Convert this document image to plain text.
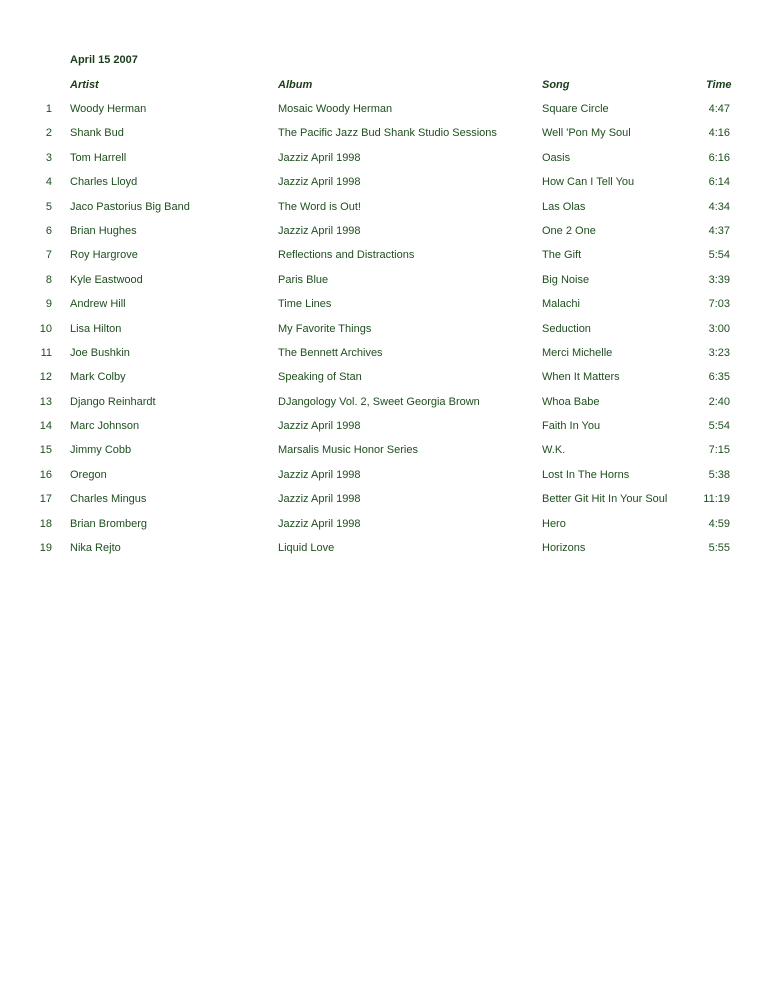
April 15 2007
Artist	Album	Song	Time
1 Woody Herman	Mosaic Woody Herman	Square Circle	4:47
2 Shank Bud	The Pacific Jazz Bud Shank Studio Sessions	Well 'Pon My Soul	4:16
3 Tom Harrell	Jazziz April 1998	Oasis	6:16
4 Charles Lloyd	Jazziz April 1998	How Can I Tell You	6:14
5 Jaco Pastorius Big Band	The Word is Out!	Las Olas	4:34
6 Brian Hughes	Jazziz April 1998	One 2 One	4:37
7 Roy Hargrove	Reflections and Distractions	The Gift	5:54
8 Kyle Eastwood	Paris Blue	Big Noise	3:39
9 Andrew Hill	Time Lines	Malachi	7:03
10 Lisa Hilton	My Favorite Things	Seduction	3:00
11 Joe Bushkin	The Bennett Archives	Merci Michelle	3:23
12 Mark Colby	Speaking of Stan	When It Matters	6:35
13 Django Reinhardt	DJangology Vol. 2, Sweet Georgia Brown	Whoa Babe	2:40
14 Marc Johnson	Jazziz April 1998	Faith In You	5:54
15 Jimmy Cobb	Marsalis Music Honor Series	W.K.	7:15
16 Oregon	Jazziz April 1998	Lost In The Horns	5:38
17 Charles Mingus	Jazziz April 1998	Better Git Hit In Your Soul	11:19
18 Brian Bromberg	Jazziz April 1998	Hero	4:59
19 Nika Rejto	Liquid Love	Horizons	5:55
